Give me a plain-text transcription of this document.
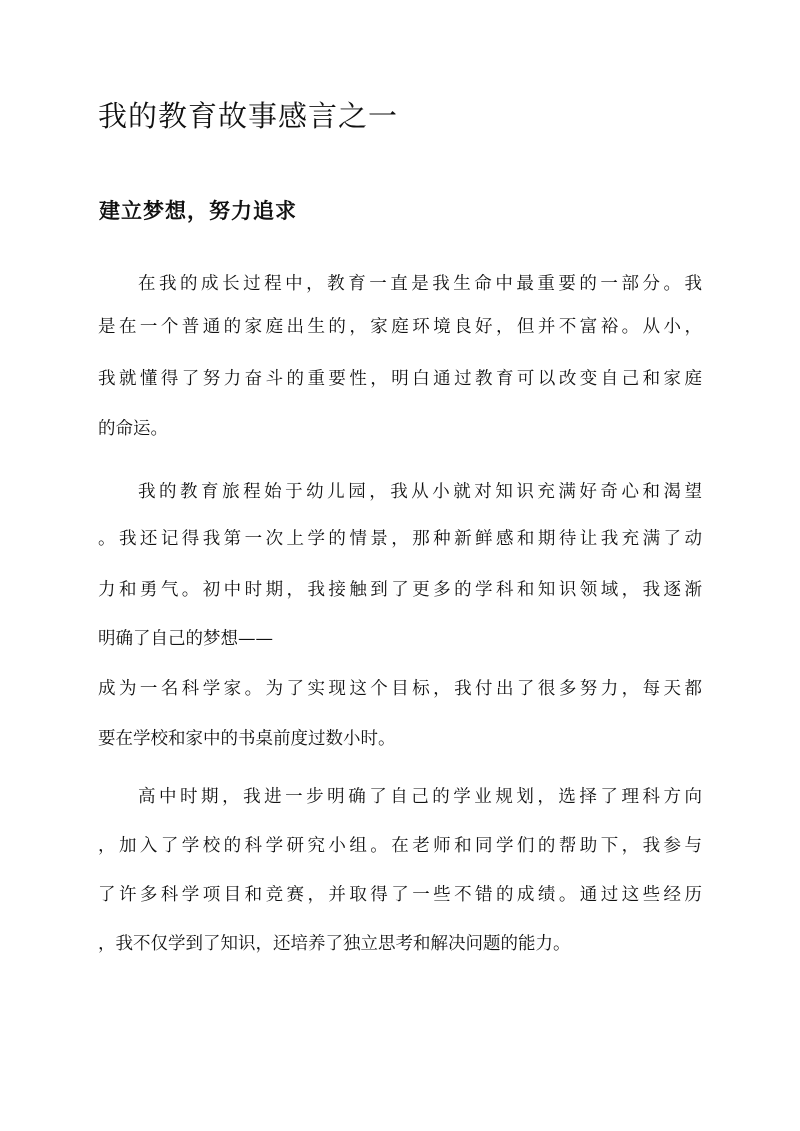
我的教育故事感言之一
建立梦想，努力追求

在我的成长过程中，教育一直是我生命中最重要的一部分。我

是在一个普通的家庭出生的，家庭环境良好，但并不富裕。从小，

我就懂得了努力奋斗的重要性，明白通过教育可以改变自己和家庭

的命运。

我的教育旅程始于幼儿园，我从小就对知识充满好奇心和渴望

。我还记得我第一次上学的情景，那种新鲜感和期待让我充满了动

力和勇气。初中时期，我接触到了更多的学科和知识领域，我逐渐

明确了自己的梦想——

成为一名科学家。为了实现这个目标，我付出了很多努力，每天都

要在学校和家中的书桌前度过数小时。

高中时期，我进一步明确了自己的学业规划，选择了理科方向

，加入了学校的科学研究小组。在老师和同学们的帮助下，我参与

了许多科学项目和竞赛，并取得了一些不错的成绩。通过这些经历

，我不仅学到了知识，还培养了独立思考和解决问题的能力。
